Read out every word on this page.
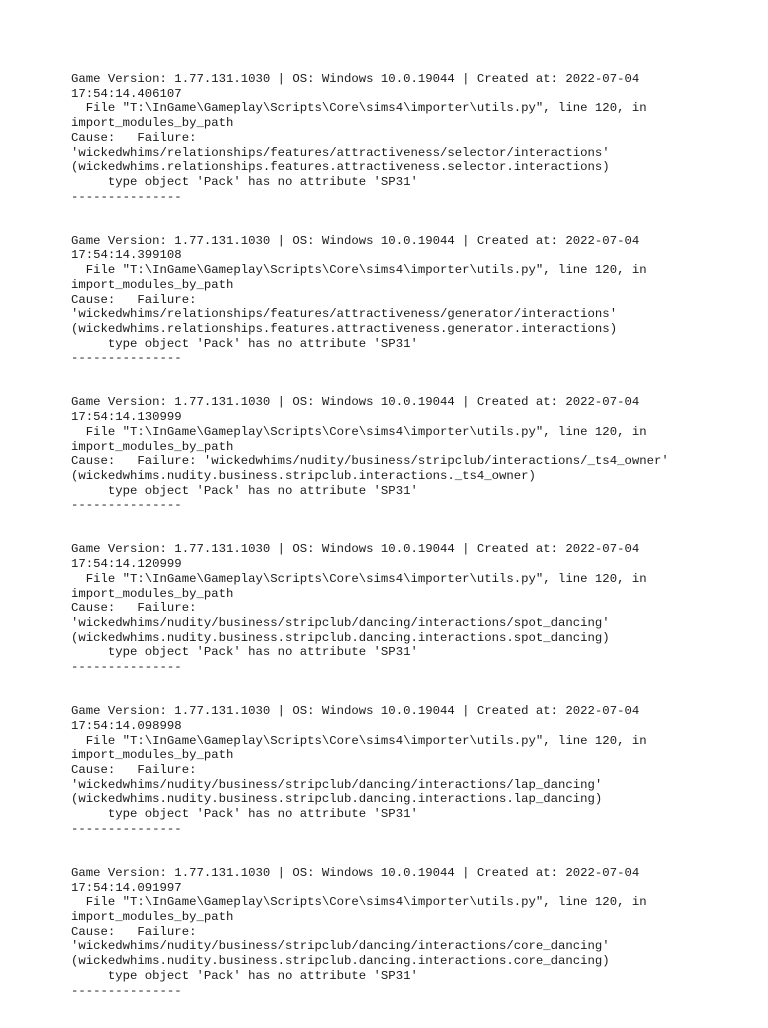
Game Version: 1.77.131.1030 | OS: Windows 10.0.19044 | Created at: 2022-07-04
17:54:14.406107
File "T:\InGame\Gameplay\Scripts\Core\sims4\importer\utils.py", line 120, in
import_modules_by_path
Cause:   Failure:
'wickedwhims/relationships/features/attractiveness/selector/interactions'
(wickedwhims.relationships.features.attractiveness.selector.interactions)
type object 'Pack' has no attribute 'SP31'
---------------
Game Version: 1.77.131.1030 | OS: Windows 10.0.19044 | Created at: 2022-07-04
17:54:14.399108
File "T:\InGame\Gameplay\Scripts\Core\sims4\importer\utils.py", line 120, in
import_modules_by_path
Cause:   Failure:
'wickedwhims/relationships/features/attractiveness/generator/interactions'
(wickedwhims.relationships.features.attractiveness.generator.interactions)
type object 'Pack' has no attribute 'SP31'
---------------
Game Version: 1.77.131.1030 | OS: Windows 10.0.19044 | Created at: 2022-07-04
17:54:14.130999
File "T:\InGame\Gameplay\Scripts\Core\sims4\importer\utils.py", line 120, in
import_modules_by_path
Cause:   Failure: 'wickedwhims/nudity/business/stripclub/interactions/_ts4_owner'
(wickedwhims.nudity.business.stripclub.interactions._ts4_owner)
type object 'Pack' has no attribute 'SP31'
---------------
Game Version: 1.77.131.1030 | OS: Windows 10.0.19044 | Created at: 2022-07-04
17:54:14.120999
File "T:\InGame\Gameplay\Scripts\Core\sims4\importer\utils.py", line 120, in
import_modules_by_path
Cause:   Failure:
'wickedwhims/nudity/business/stripclub/dancing/interactions/spot_dancing'
(wickedwhims.nudity.business.stripclub.dancing.interactions.spot_dancing)
type object 'Pack' has no attribute 'SP31'
---------------
Game Version: 1.77.131.1030 | OS: Windows 10.0.19044 | Created at: 2022-07-04
17:54:14.098998
File "T:\InGame\Gameplay\Scripts\Core\sims4\importer\utils.py", line 120, in
import_modules_by_path
Cause:   Failure:
'wickedwhims/nudity/business/stripclub/dancing/interactions/lap_dancing'
(wickedwhims.nudity.business.stripclub.dancing.interactions.lap_dancing)
type object 'Pack' has no attribute 'SP31'
---------------
Game Version: 1.77.131.1030 | OS: Windows 10.0.19044 | Created at: 2022-07-04
17:54:14.091997
File "T:\InGame\Gameplay\Scripts\Core\sims4\importer\utils.py", line 120, in
import_modules_by_path
Cause:   Failure:
'wickedwhims/nudity/business/stripclub/dancing/interactions/core_dancing'
(wickedwhims.nudity.business.stripclub.dancing.interactions.core_dancing)
type object 'Pack' has no attribute 'SP31'
---------------
